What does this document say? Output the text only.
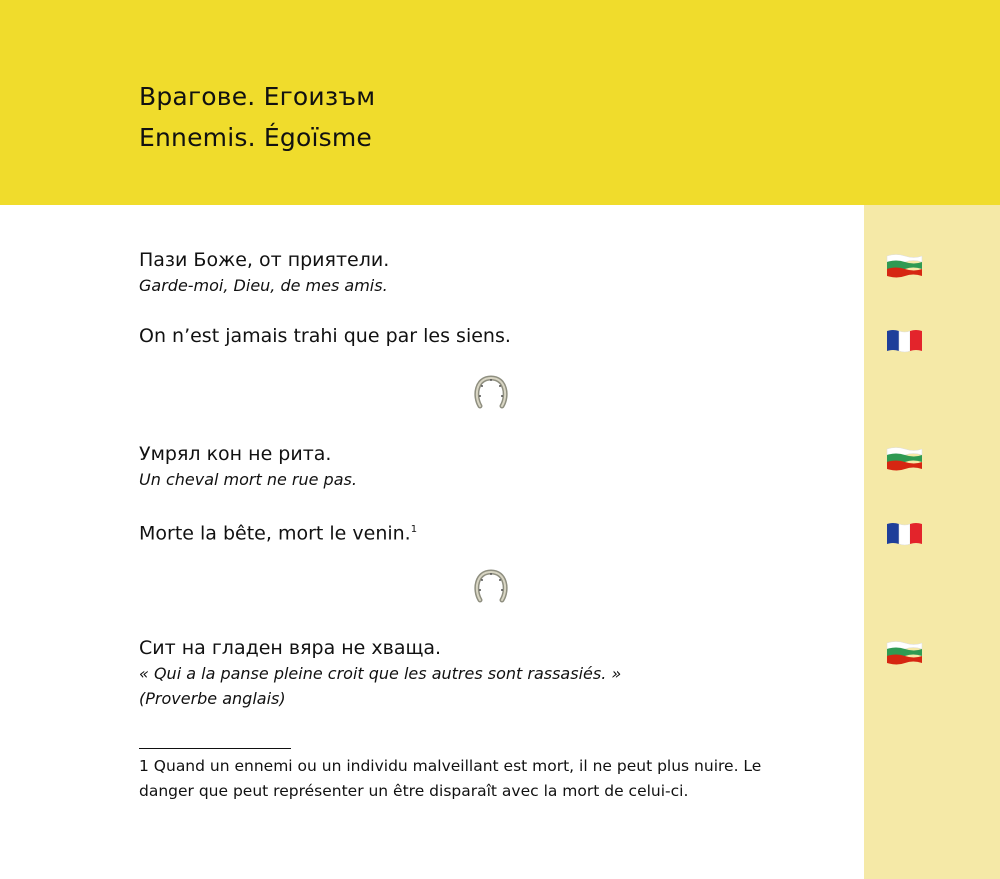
Врагове. Егоизъм
Ennemis. Égoïsme
Пази Боже, от приятели.
Garde-moi, Dieu, de mes amis.
On n’est jamais trahi que par les siens.
Умрял кон не рита.
Un cheval mort ne rue pas.
Morte la bête, mort le venin.$^1$
Сит на гладен вяра не хваща.
« Qui a la panse pleine croit que les autres sont rassasiés. »
(Proverbe anglais)
1 Quand un ennemi ou un individu malveillant est mort, il ne peut plus nuire. Le danger que peut représenter un être disparaît avec la mort de celui-ci.
